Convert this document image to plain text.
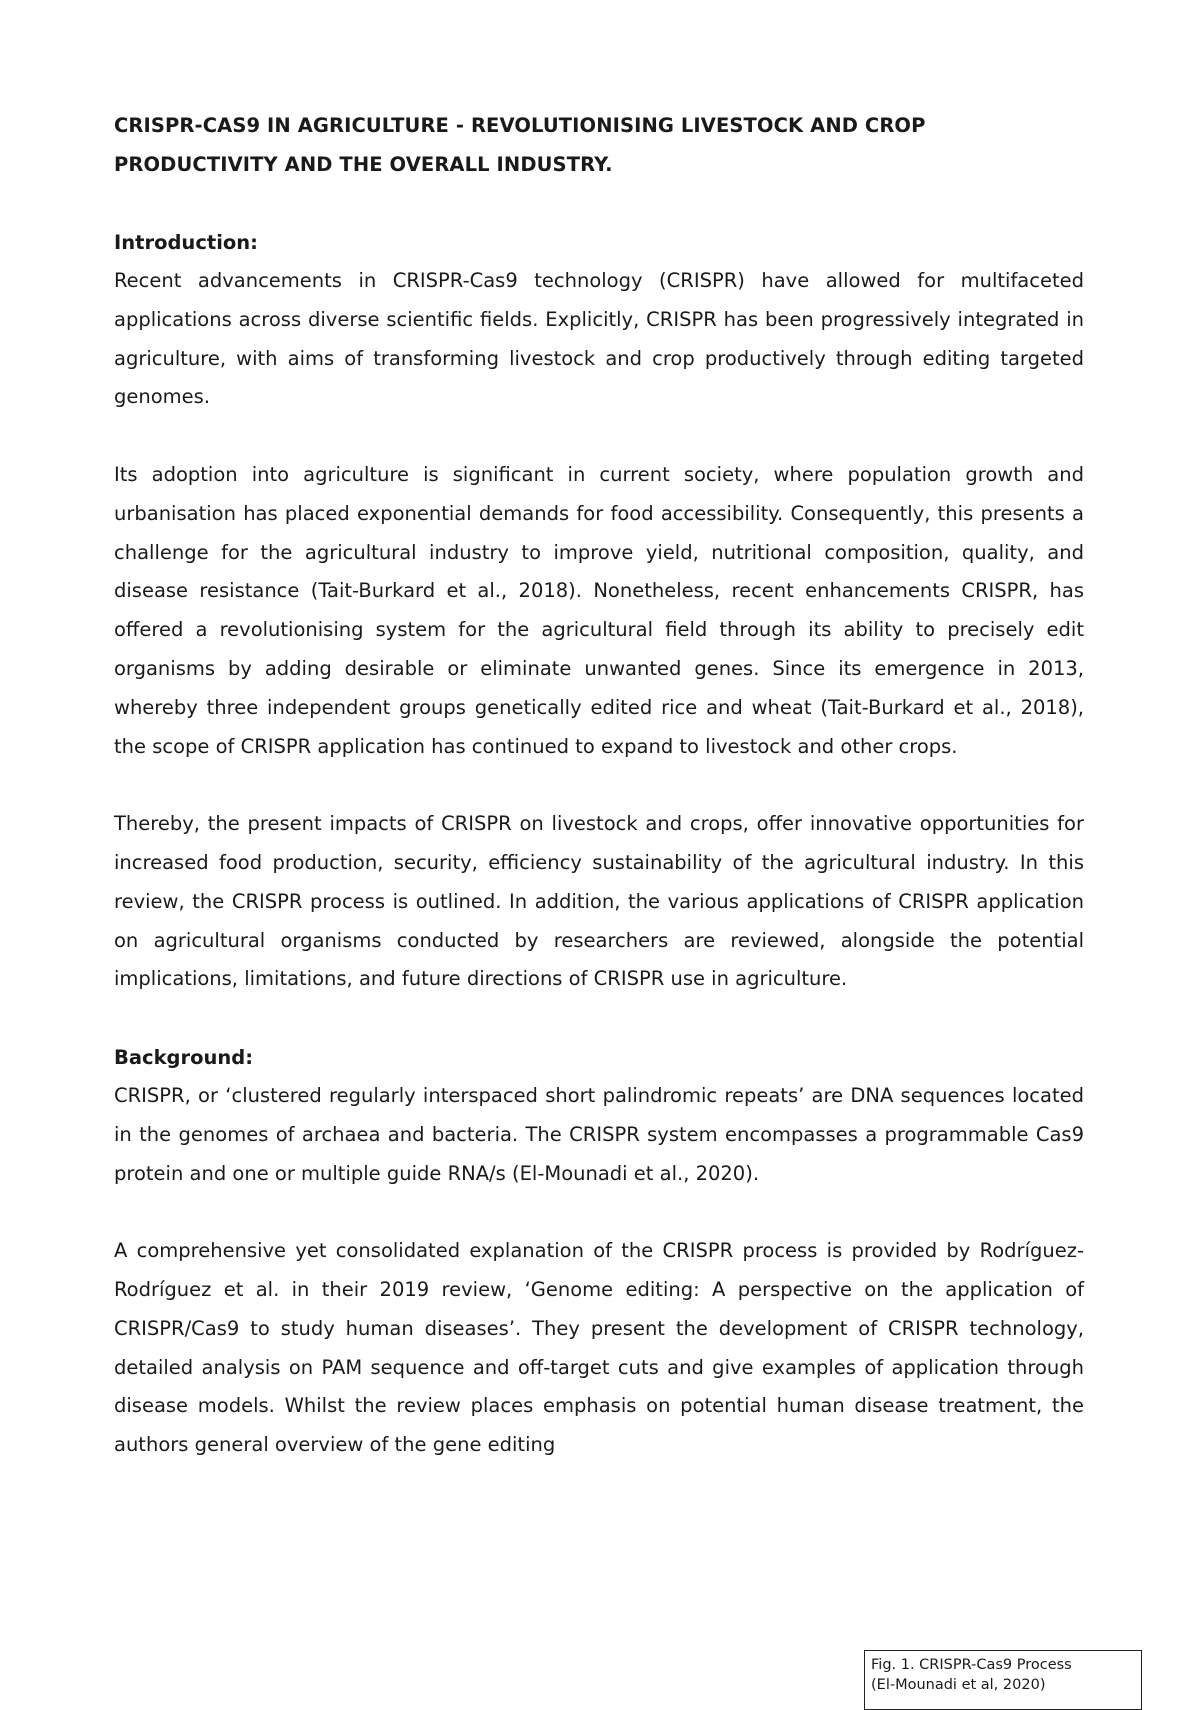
CRISPR-CAS9 IN AGRICULTURE - REVOLUTIONISING LIVESTOCK AND CROP PRODUCTIVITY AND THE OVERALL INDUSTRY.
Introduction:

Recent advancements in CRISPR-Cas9 technology (CRISPR) have allowed for multifaceted applications across diverse scientific fields. Explicitly, CRISPR has been progressively integrated in agriculture, with aims of transforming livestock and crop productively through editing targeted genomes.

Its adoption into agriculture is significant in current society, where population growth and urbanisation has placed exponential demands for food accessibility. Consequently, this presents a challenge for the agricultural industry to improve yield, nutritional composition, quality, and disease resistance (Tait-Burkard et al., 2018). Nonetheless, recent enhancements CRISPR, has offered a revolutionising system for the agricultural field through its ability to precisely edit organisms by adding desirable or eliminate unwanted genes. Since its emergence in 2013, whereby three independent groups genetically edited rice and wheat (Tait-Burkard et al., 2018), the scope of CRISPR application has continued to expand to livestock and other crops.

Thereby, the present impacts of CRISPR on livestock and crops, offer innovative opportunities for increased food production, security, efficiency sustainability of the agricultural industry. In this review, the CRISPR process is outlined. In addition, the various applications of CRISPR application on agricultural organisms conducted by researchers are reviewed, alongside the potential implications, limitations, and future directions of CRISPR use in agriculture.

Background:

CRISPR, or ‘clustered regularly interspaced short palindromic repeats’ are DNA sequences located in the genomes of archaea and bacteria. The CRISPR system encompasses a programmable Cas9 protein and one or multiple guide RNA/s (El-Mounadi et al., 2020).

A comprehensive yet consolidated explanation of the CRISPR process is provided by Rodríguez-Rodríguez et al. in their 2019 review, ‘Genome editing: A perspective on the application of CRISPR/Cas9 to study human diseases’. They present the development of CRISPR technology, detailed analysis on PAM sequence and off-target cuts and give examples of application through disease models. Whilst the review places emphasis on potential human disease treatment, the authors general overview of the gene editing

Fig. 1. CRISPR-Cas9 Process
(El-Mounadi et al, 2020)
